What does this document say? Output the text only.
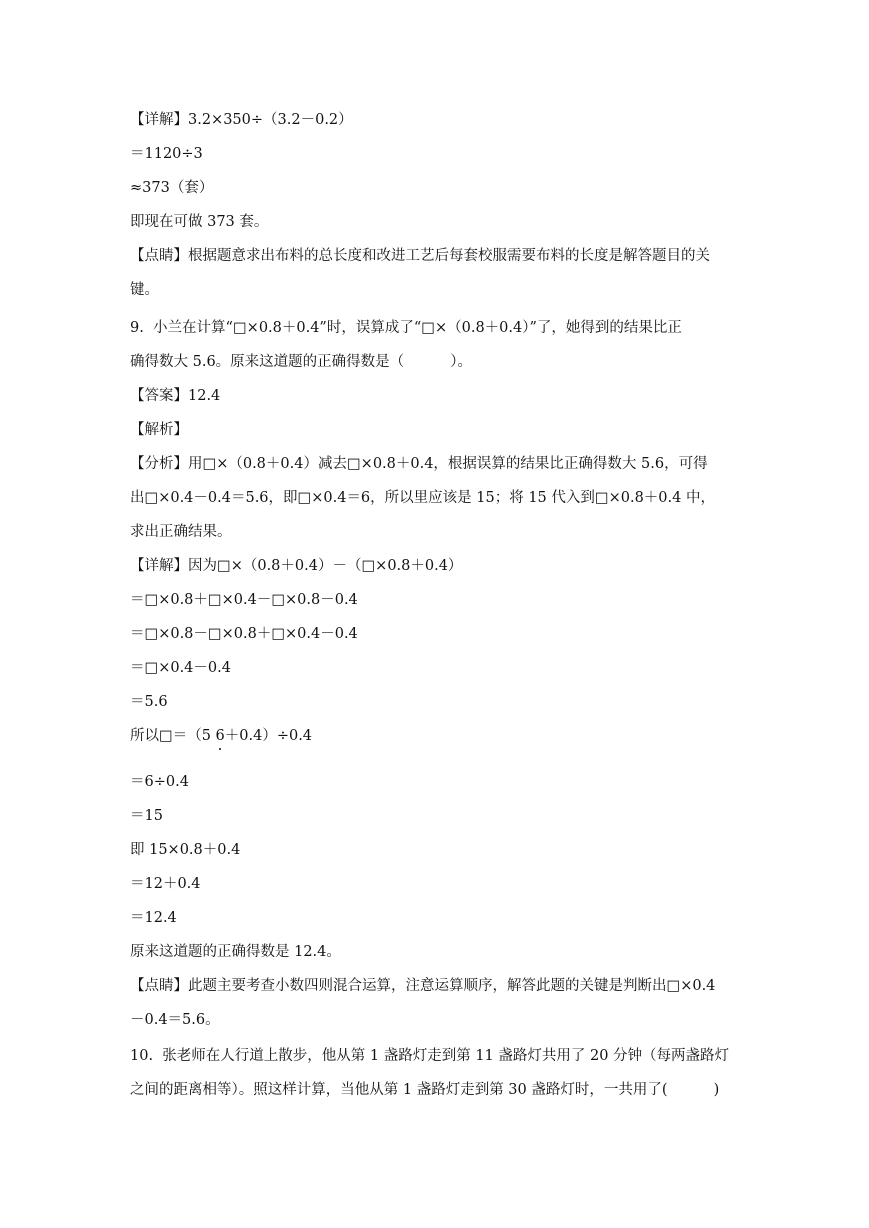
【详解】3.2×350÷（3.2－0.2）
＝1120÷3
≈373（套）
即现在可做 373 套。
【点睛】根据题意求出布料的总长度和改进工艺后每套校服需要布料的长度是解答题目的关
键。
9.  小兰在计算“□×0.8＋0.4”时，误算成了“□×（0.8＋0.4）”了，她得到的结果比正
确得数大 5.6。原来这道题的正确得数是（          ）。
【答案】12.4
【解析】
【分析】用□×（0.8＋0.4）减去□×0.8＋0.4，根据误算的结果比正确得数大 5.6，可得
出□×0.4－0.4＝5.6，即□×0.4＝6，所以里应该是 15；将 15 代入到□×0.8＋0.4 中，
求出正确结果。
【详解】因为□×（0.8＋0.4）－（□×0.8＋0.4）
＝□×0.8＋□×0.4－□×0.8－0.4
＝□×0.8－□×0.8＋□×0.4－0.4
＝□×0.4－0.4
＝5.6
所以□＝（5 6＋0.4）÷0.4
＝6÷0.4
＝15
即 15×0.8＋0.4
＝12＋0.4
＝12.4
原来这道题的正确得数是 12.4。
【点睛】此题主要考查小数四则混合运算，注意运算顺序，解答此题的关键是判断出□×0.4
－0.4＝5.6。
10.  张老师在人行道上散步，他从第 1 盏路灯走到第 11 盏路灯共用了 20 分钟（每两盏路灯
之间的距离相等）。照这样计算，当他从第 1 盏路灯走到第 30 盏路灯时，一共用了(          )
